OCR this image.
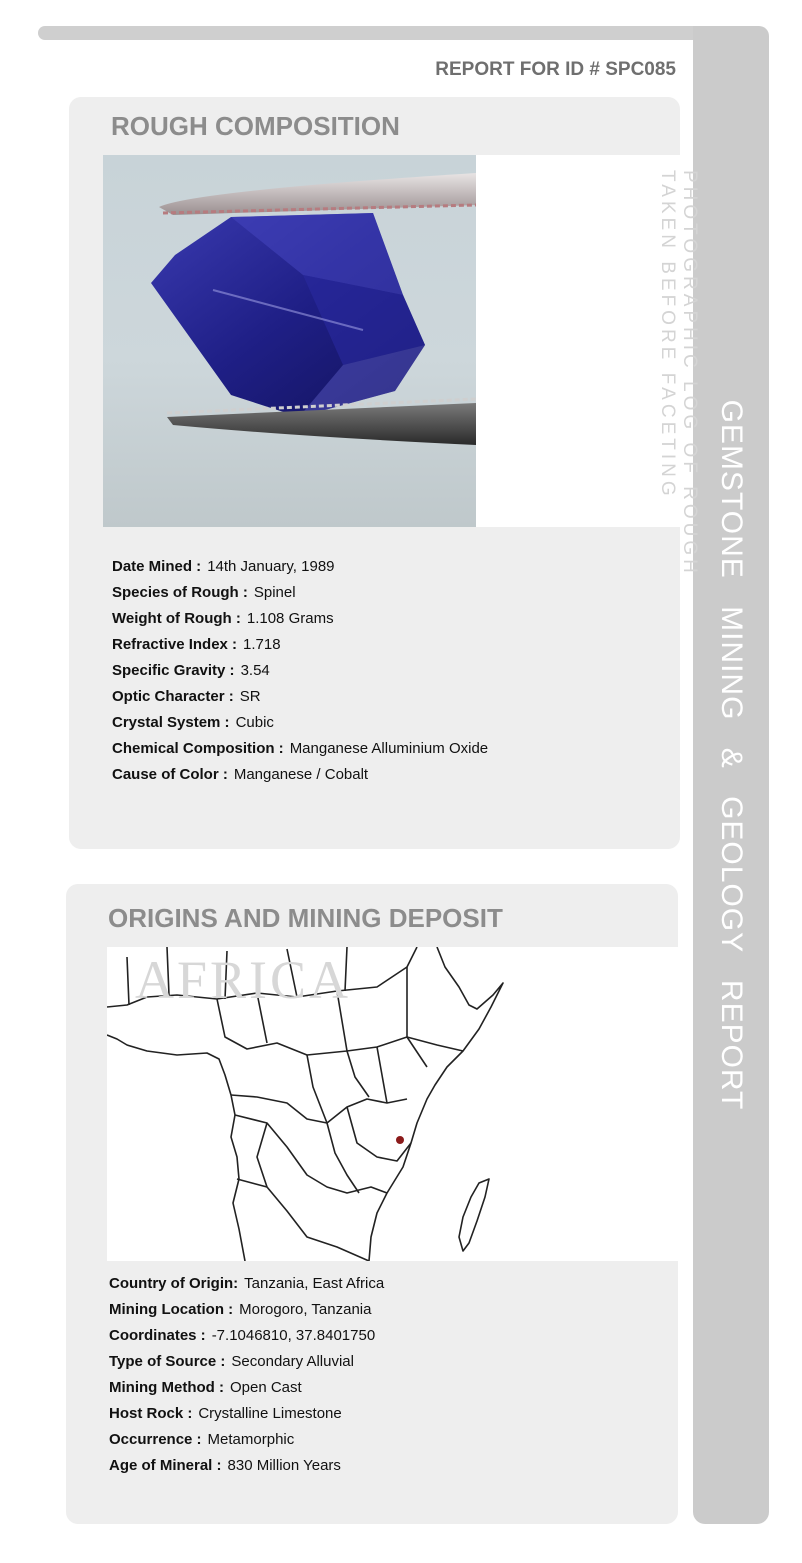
GEMSTONE MINING & GEOLOGY REPORT
REPORT FOR ID # SPC085
ROUGH COMPOSITION
PHOTOGRAPHIC LOG OF ROUGH
TAKEN BEFORE FACETING
Date Mined : 14th January, 1989
Species of Rough : Spinel
Weight of Rough : 1.108 Grams
Refractive Index : 1.718
Specific Gravity : 3.54
Optic Character : SR
Crystal System : Cubic
Chemical Composition : Manganese Alluminium Oxide
Cause of Color : Manganese / Cobalt
ORIGINS AND MINING DEPOSIT
AFRICA
Country of Origin: Tanzania, East Africa
Mining Location : Morogoro, Tanzania
Coordinates : -7.1046810, 37.8401750
Type of Source : Secondary Alluvial
Mining Method : Open Cast
Host Rock : Crystalline Limestone
Occurrence : Metamorphic
Age of Mineral : 830 Million Years
